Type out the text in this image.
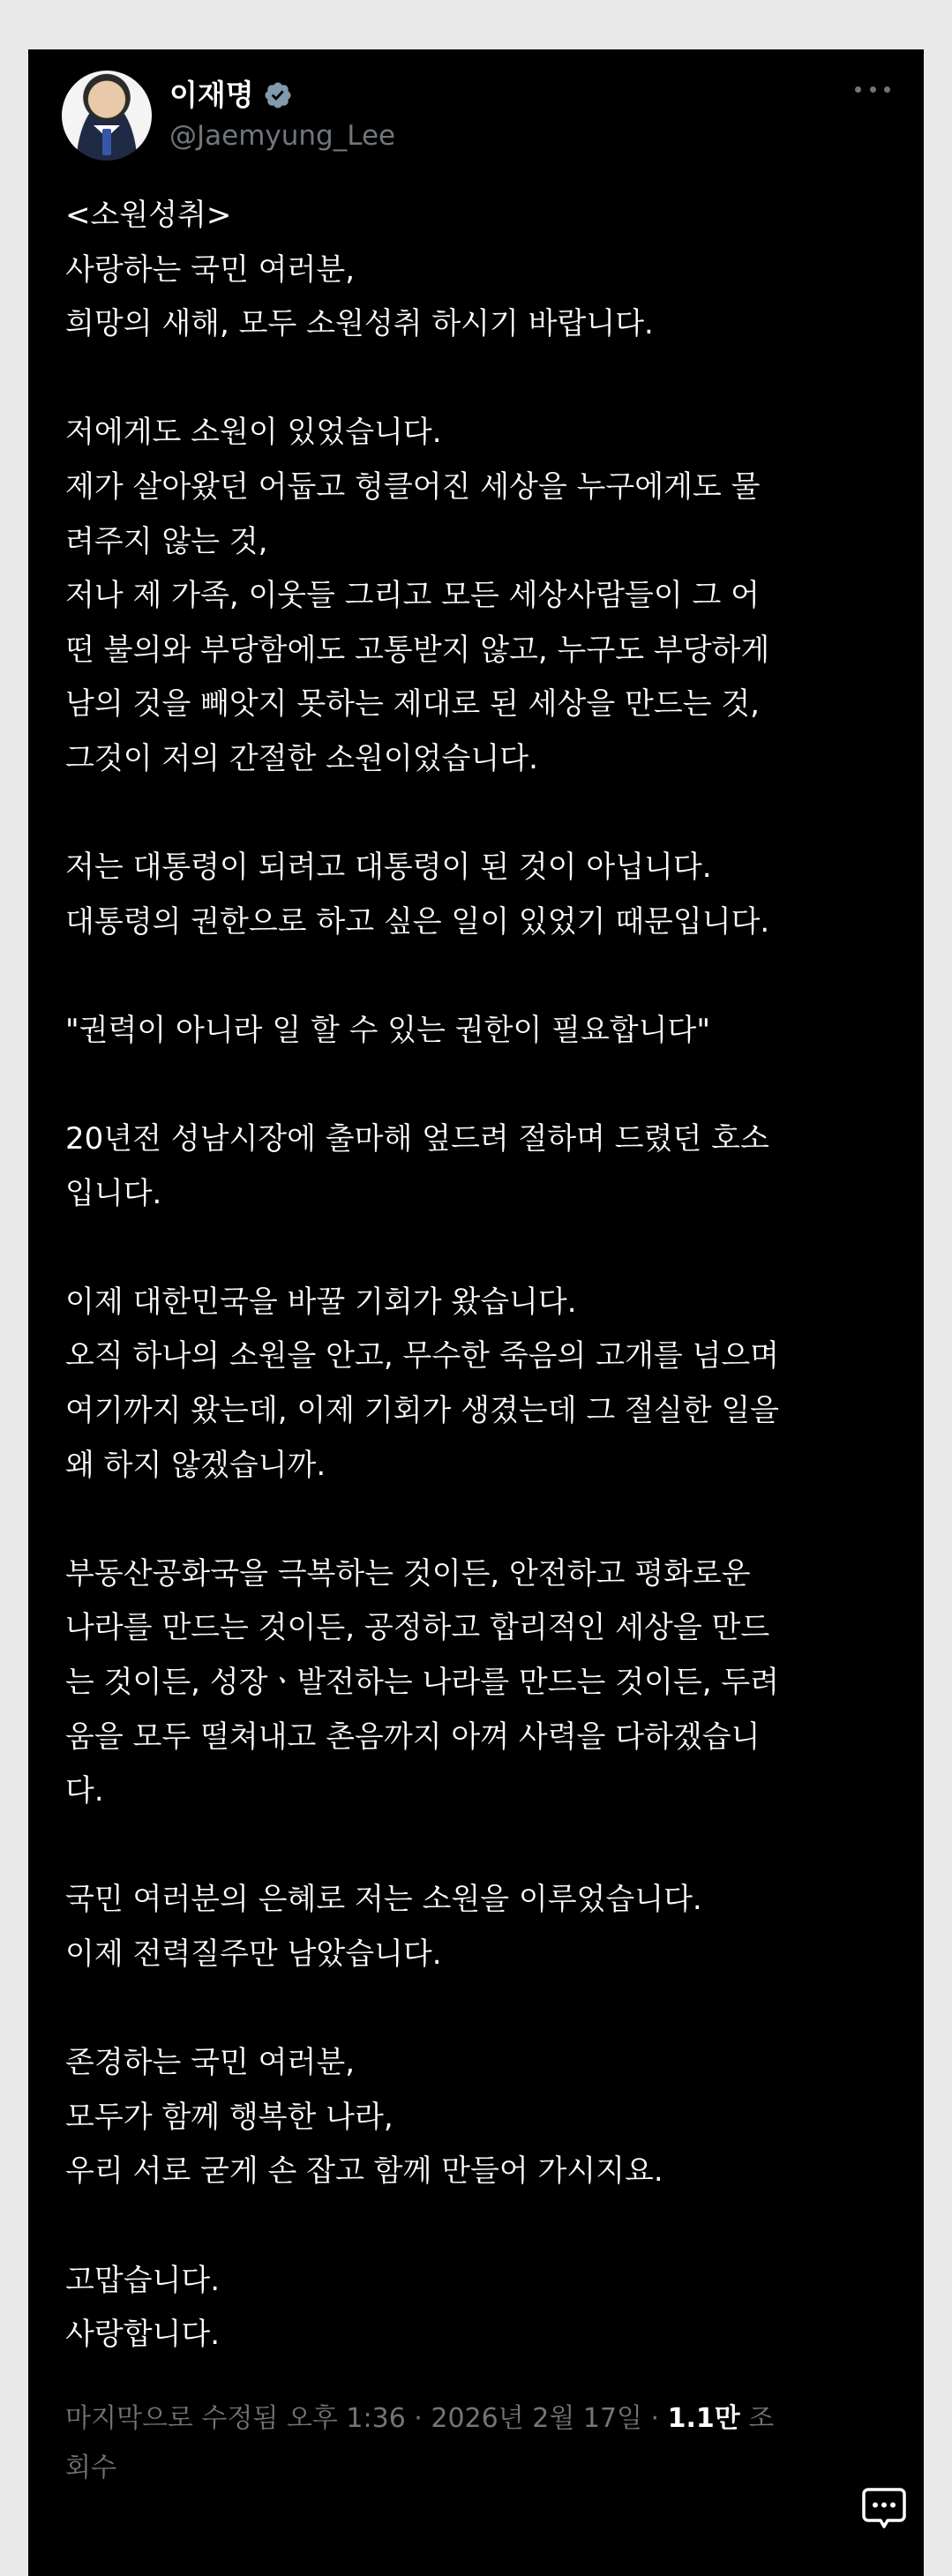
이재명
@Jaemyung_Lee

<소원성취>

사랑하는 국민 여러분,

희망의 새해, 모두 소원성취 하시기 바랍니다.

저에게도 소원이 있었습니다.

제가 살아왔던 어둡고 헝클어진 세상을 누구에게도 물

려주지 않는 것,

저나 제 가족, 이웃들 그리고 모든 세상사람들이 그 어

떤 불의와 부당함에도 고통받지 않고, 누구도 부당하게

남의 것을 빼앗지 못하는 제대로 된 세상을 만드는 것,

그것이 저의 간절한 소원이었습니다.

저는 대통령이 되려고 대통령이 된 것이 아닙니다.

대통령의 권한으로 하고 싶은 일이 있었기 때문입니다.

"권력이 아니라 일 할 수 있는 권한이 필요합니다"

20년전 성남시장에 출마해 엎드려 절하며 드렸던 호소

입니다.

이제 대한민국을 바꿀 기회가 왔습니다.

오직 하나의 소원을 안고, 무수한 죽음의 고개를 넘으며

여기까지 왔는데, 이제 기회가 생겼는데 그 절실한 일을

왜 하지 않겠습니까.

부동산공화국을 극복하는 것이든, 안전하고 평화로운

나라를 만드는 것이든, 공정하고 합리적인 세상을 만드

는 것이든, 성장ㆍ발전하는 나라를 만드는 것이든, 두려

움을 모두 떨쳐내고 촌음까지 아껴 사력을 다하겠습니

다.

국민 여러분의 은혜로 저는 소원을 이루었습니다.

이제 전력질주만 남았습니다.

존경하는 국민 여러분,

모두가 함께 행복한 나라,

우리 서로 굳게 손 잡고 함께 만들어 가시지요.

고맙습니다.

사랑합니다.

마지막으로 수정됨 오후 1:36 · 2026년 2월 17일 · 1.1만 조
회수
